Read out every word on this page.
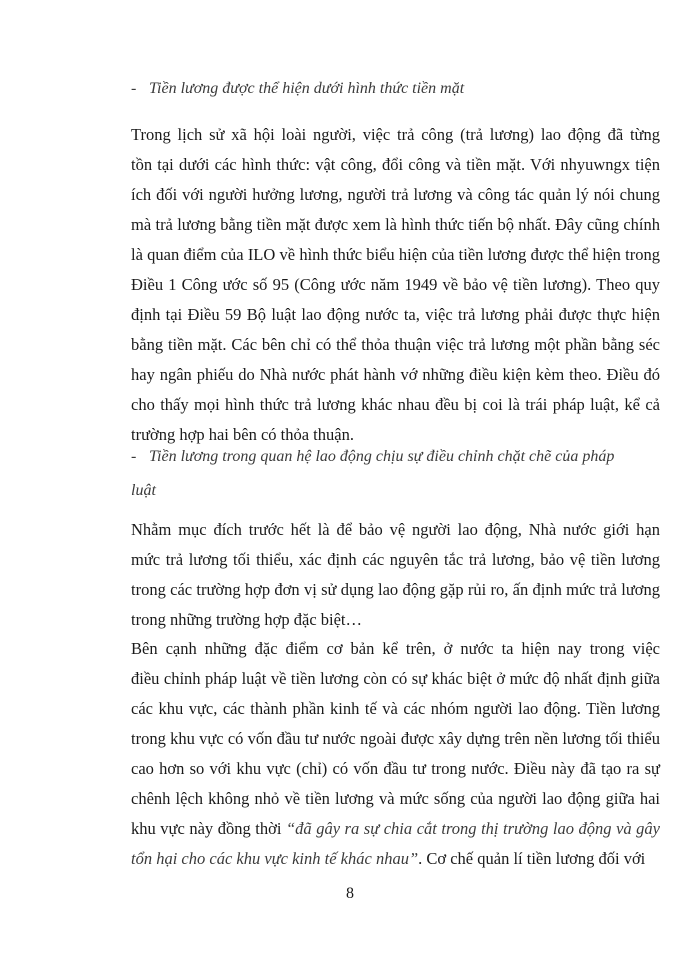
- Tiền lương được thể hiện dưới hình thức tiền mặt
Trong lịch sử xã hội loài người, việc trả công (trả lương) lao động đã từng
tồn tại dưới các hình thức: vật công, đổi công và tiền mặt. Với nhyuwngx tiện
ích đối với người hưởng lương, người trả lương và công tác quản lý nói chung
mà trả lương bằng tiền mặt được xem là hình thức tiến bộ nhất. Đây cũng chính
là quan điểm của ILO về hình thức biểu hiện của tiền lương được thể hiện trong
Điều 1 Công ước số 95 (Công ước năm 1949 về bảo vệ tiền lương). Theo quy
định tại Điều 59 Bộ luật lao động nước ta, việc trả lương phải được thực hiện
bằng tiền mặt. Các bên chỉ có thể thỏa thuận việc trả lương một phần bằng séc
hay ngân phiếu do Nhà nước phát hành vớ những điều kiện kèm theo. Điều đó
cho thấy mọi hình thức trả lương khác nhau đều bị coi là trái pháp luật, kể cả
trường hợp hai bên có thỏa thuận.
- Tiền lương trong quan hệ lao động chịu sự điều chỉnh chặt chẽ của pháp
luật
Nhằm mục đích trước hết là để bảo vệ người lao động, Nhà nước giới hạn
mức trả lương tối thiểu, xác định các nguyên tắc trả lương, bảo vệ tiền lương
trong các trường hợp đơn vị sử dụng lao động gặp rủi ro, ấn định mức trả lương
trong những trường hợp đặc biệt…
Bên cạnh những đặc điểm cơ bản kể trên, ở nước ta hiện nay trong việc
điều chỉnh pháp luật về tiền lương còn có sự khác biệt ở mức độ nhất định giữa
các khu vực, các thành phần kinh tế và các nhóm người lao động. Tiền lương
trong khu vực có vốn đầu tư nước ngoài được xây dựng trên nền lương tối thiểu
cao hơn so với khu vực (chỉ) có vốn đầu tư trong nước. Điều này đã tạo ra sự
chênh lệch không nhỏ về tiền lương và mức sống của người lao động giữa hai
khu vực này đồng thời “đã gây ra sự chia cắt trong thị trường lao động và gây
tổn hại cho các khu vực kinh tế khác nhau”. Cơ chế quản lí tiền lương đối với
8
